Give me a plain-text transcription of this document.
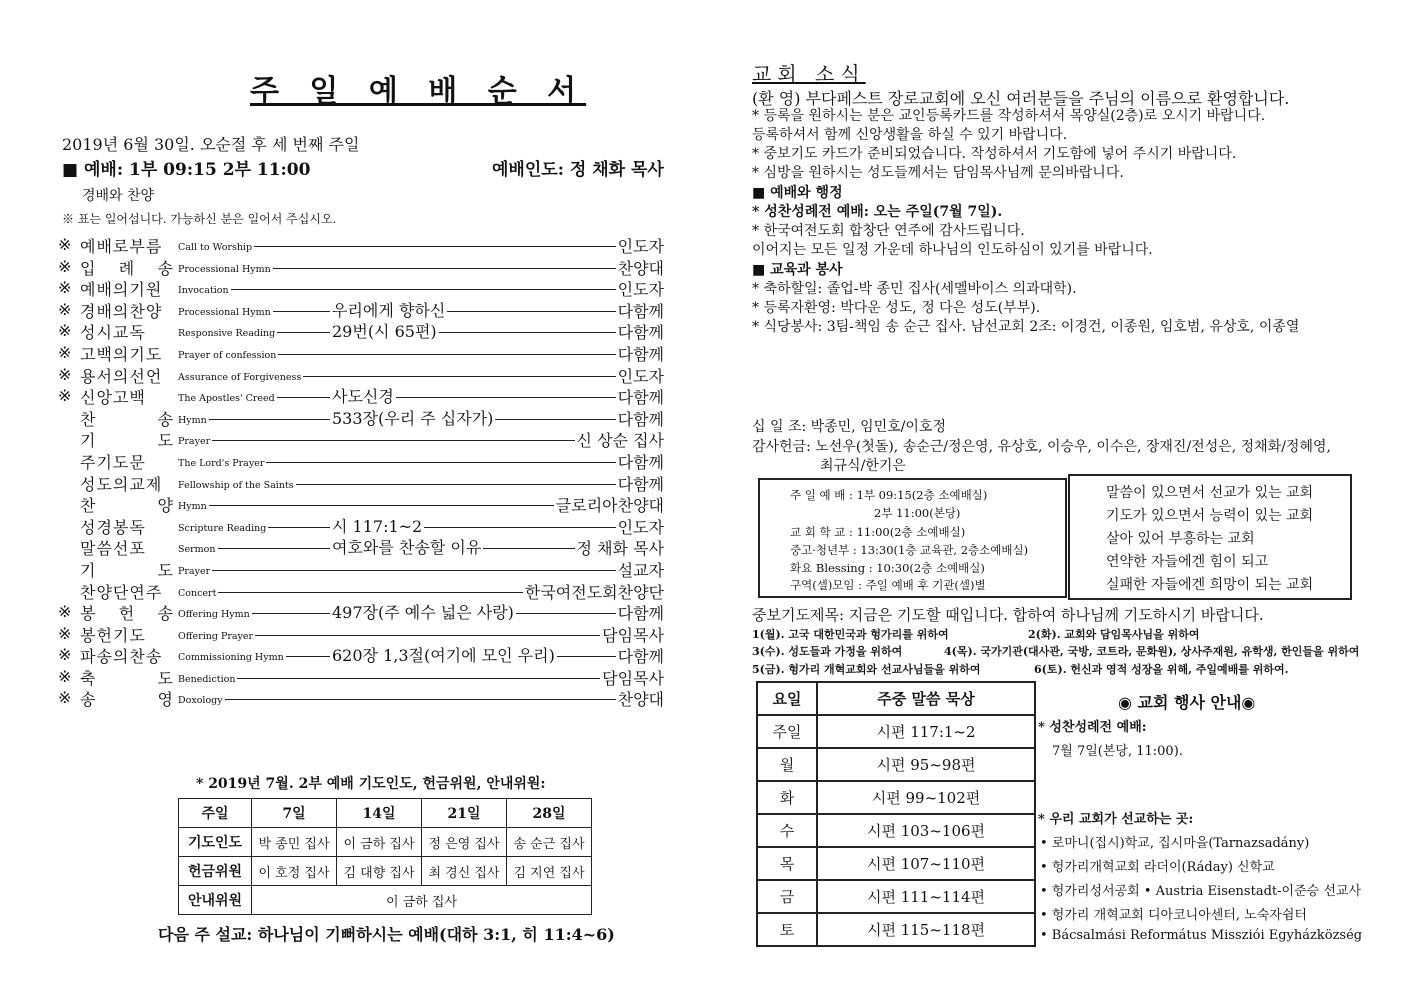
주 일 예 배 순 서
2019년 6월 30일. 오순절 후 세 번째 주일
■ 예배: 1부 09:15 2부 11:00	예배인도: 정 채화 목사
경배와 찬양
※ 표는 일어섭니다. 가능하신 분은 일어서 주십시오.
※ 예배로부름	Call to Worship	인도자
※ 입 례 송 Processional Hymn	찬양대
※ 예배의기원	Invocation	인도자
※ 경배의찬양	Processional Hymn	우리에게 향하신	다함께
※ 성시교독	Responsive Reading	29번(시 65편)	다함께
※ 고백의기도	Prayer of confession	다함께
※ 용서의선언	Assurance of Forgiveness	인도자
※ 신앙고백	The Apostles' Creed	사도신경	다함께
찬 송 Hymn	533장(우리 주 십자가)	다함께
기 도 Prayer	신 상순 집사
주기도문	The Lord's Prayer	다함께
성도의교제	Fellowship of the Saints	다함께
찬 양 Hymn	글로리아찬양대
성경봉독	Scripture Reading	시 117:1~2	인도자
말씀선포	Sermon	여호와를 찬송할 이유	정 채화 목사
기 도 Prayer	설교자
찬양단연주	Concert	한국여전도회찬양단
※ 봉 헌 송 Offering Hymn	497장(주 예수 넓은 사랑)	다함께
※ 봉헌기도	Offering Prayer	담임목사
※ 파송의찬송	Commissioning Hymn	620장 1,3절(여기에 모인 우리)	다함께
※ 축 도 Benediction	담임목사
※ 송 영 Doxology	찬양대
* 2019년 7월. 2부 예배 기도인도, 헌금위원, 안내위원:
주일	7일	14일	21일	28일
기도인도	박 종민 집사	이 금하 집사	정 은영 집사	송 순근 집사
헌금위원	이 호정 집사	김 대향 집사	최 경신 집사	김 지연 집사
안내위원	이 금하 집사			
다음 주 설교: 하나님이 기뻐하시는 예배(대하 3:1, 히 11:4~6)
교회 소식
(환 영) 부다페스트 장로교회에 오신 여러분들을 주님의 이름으로 환영합니다.
* 등록을 원하시는 분은 교인등록카드를 작성하셔서 목양실(2층)로 오시기 바랍니다.
등록하셔서 함께 신앙생활을 하실 수 있기 바랍니다.
* 중보기도 카드가 준비되었습니다. 작성하셔서 기도함에 넣어 주시기 바랍니다.
* 심방을 원하시는 성도들께서는 담임목사님께 문의바랍니다.
■ 예배와 행정
* 성찬성례전 예배: 오는 주일(7월 7일).
* 한국여전도회 합창단 연주에 감사드립니다.
이어지는 모든 일정 가운데 하나님의 인도하심이 있기를 바랍니다.
■ 교육과 봉사
* 축하할일: 졸업-박 종민 집사(세멜바이스 의과대학).
* 등록자환영: 박다운 성도, 정 다은 성도(부부).
* 식당봉사: 3팀-책임 송 순근 집사. 남선교회 2조: 이경건, 이종원, 임호범, 유상호, 이종열
십 일 조: 박종민, 임민호/이호정
감사헌금: 노선우(첫돌), 송순근/정은영, 유상호, 이승우, 이수은, 장재진/전성은, 정채화/정혜영,
최규식/한기은
주 일 예 배 : 1부 09:15(2층 소예배실)
2부 11:00(본당)
교 회 학 교 : 11:00(2층 소예배실)
중고·청년부 : 13:30(1층 교육관, 2층소예배실)
화요 Blessing : 10:30(2층 소예배실)
구역(셀)모임 : 주일 예배 후 기관(셀)별
말씀이 있으면서 선교가 있는 교회
기도가 있으면서 능력이 있는 교회
살아 있어 부흥하는 교회
연약한 자들에겐 힘이 되고
실패한 자들에겐 희망이 되는 교회
중보기도제목: 지금은 기도할 때입니다. 합하여 하나님께 기도하시기 바랍니다.
1(월). 고국 대한민국과 헝가리를 위하여	2(화). 교회와 담임목사님을 위하여
3(수). 성도들과 가정을 위하여	4(목). 국가기관(대사관, 국방, 코트라, 문화원), 상사주재원, 유학생, 한인들을 위하여
5(금). 헝가리 개혁교회와 선교사님들을 위하여	6(토). 헌신과 영적 성장을 위해, 주일예배를 위하여.
요일	주중 말씀 묵상
주일	시편 117:1~2
월	시편 95~98편
화	시편 99~102편
수	시편 103~106편
목	시편 107~110편
금	시편 111~114편
토	시편 115~118편
◉ 교회 행사 안내◉
* 성찬성례전 예배:
7월 7일(본당, 11:00).
* 우리 교회가 선교하는 곳:
• 로마니(집시)학교, 집시마을(Tarnazsadány)
• 헝가리개혁교회 라더이(Ráday) 신학교
• 헝가리성서공회 • Austria Eisenstadt-이준승 선교사
• 헝가리 개혁교회 디아코니아센터, 노숙자쉼터
• Bácsalmási Református Missziói Egyházközség
